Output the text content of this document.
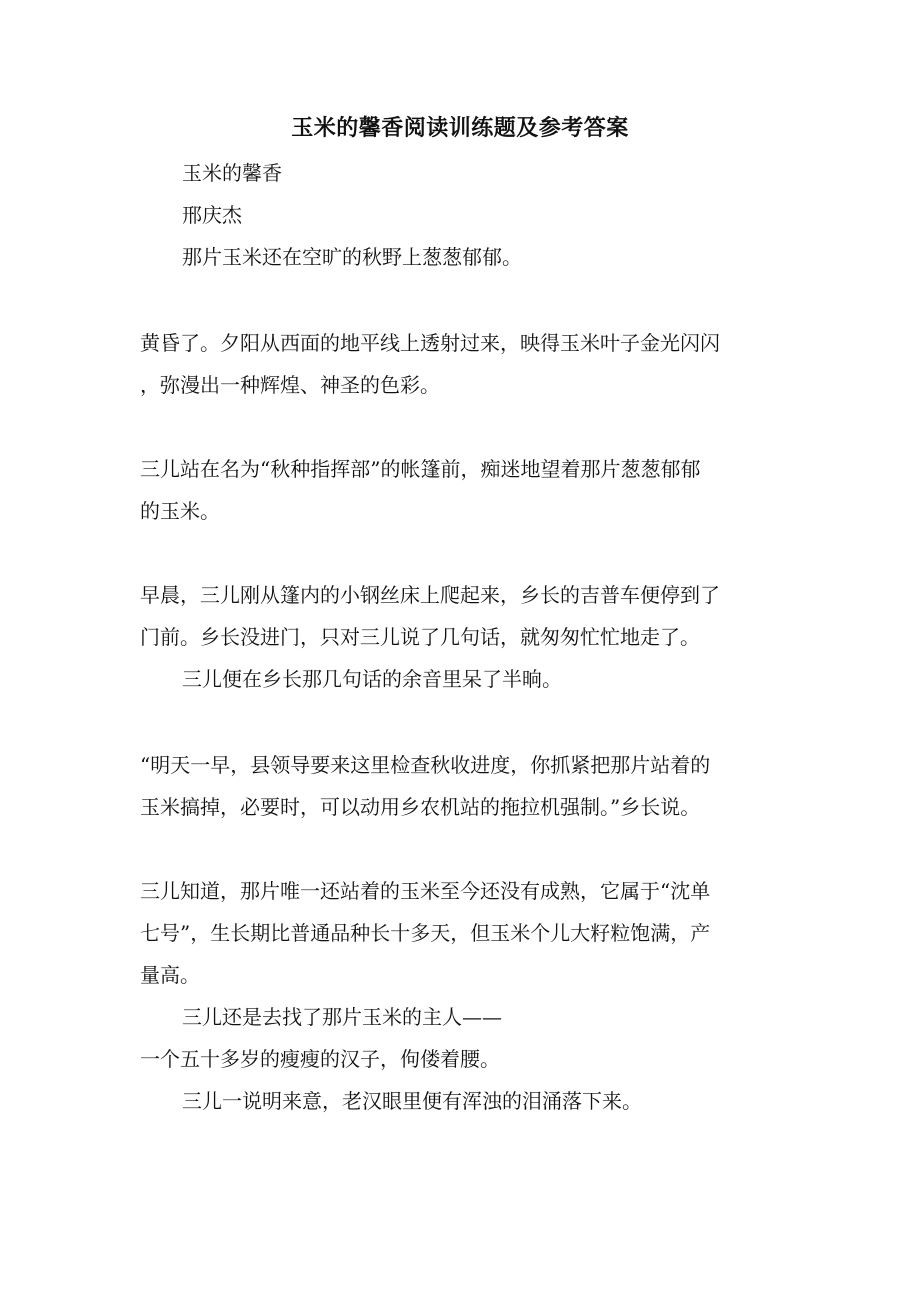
玉米的馨香阅读训练题及参考答案
玉米的馨香
邢庆杰
那片玉米还在空旷的秋野上葱葱郁郁。
黄昏了。夕阳从西面的地平线上透射过来，映得玉米叶子金光闪闪
，弥漫出一种辉煌、神圣的色彩。
三儿站在名为“秋种指挥部”的帐篷前，痴迷地望着那片葱葱郁郁
的玉米。
早晨，三儿刚从篷内的小钢丝床上爬起来，乡长的吉普车便停到了
门前。乡长没进门，只对三儿说了几句话，就匆匆忙忙地走了。
三儿便在乡长那几句话的余音里呆了半晌。
“明天一早，县领导要来这里检查秋收进度，你抓紧把那片站着的
玉米搞掉，必要时，可以动用乡农机站的拖拉机强制。”乡长说。
三儿知道，那片唯一还站着的玉米至今还没有成熟，它属于“沈单
七号”，生长期比普通品种长十多天，但玉米个儿大籽粒饱满，产
量高。
三儿还是去找了那片玉米的主人——
一个五十多岁的瘦瘦的汉子，佝偻着腰。
三儿一说明来意，老汉眼里便有浑浊的泪涌落下来。
